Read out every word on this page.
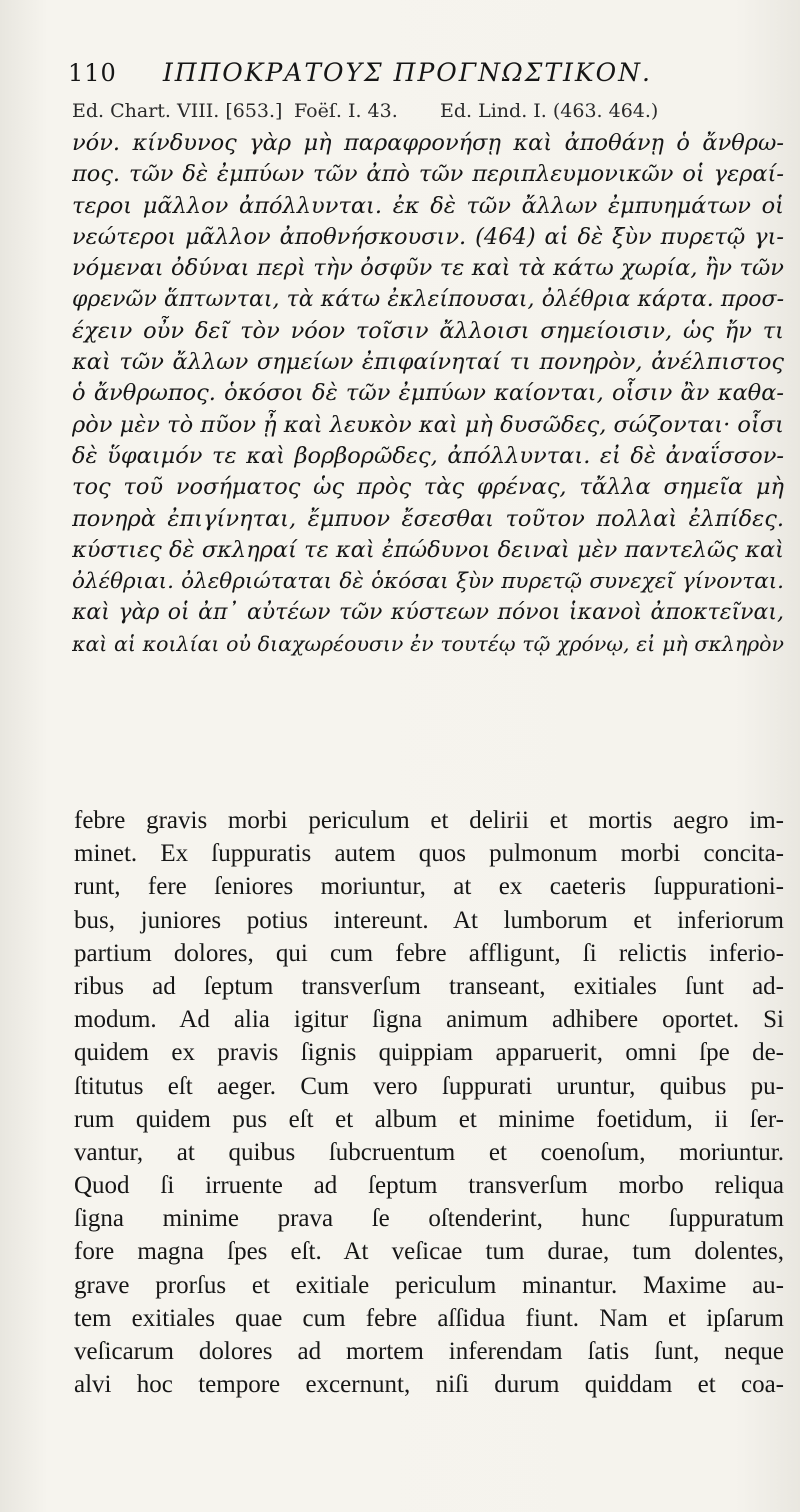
110 ΙΠΠΟΚΡΑΤΟΥΣ ΠΡΟΓΝΩΣΤΙΚΟΝ.
Ed. Chart. VIII. [653.] Foëſ. I. 43.	Ed. Lind. I. (463. 464.)
νόν. κίνδυνος γὰρ μὴ παραφρονήσῃ καὶ ἀποθάνῃ ὁ ἄνθρω-
πος. τῶν δὲ ἐμπύων τῶν ἀπὸ τῶν περιπλευμονικῶν οἱ γεραί-
τεροι μᾶλλον ἀπόλλυνται. ἐκ δὲ τῶν ἄλλων ἐμπυημάτων οἱ
νεώτεροι μᾶλλον ἀποθνήσκουσιν. (464) αἱ δὲ ξὺν πυρετῷ γι-
νόμεναι ὀδύναι περὶ τὴν ὀσφῦν τε καὶ τὰ κάτω χωρία, ἢν τῶν
φρενῶν ἅπτωνται, τὰ κάτω ἐκλείπουσαι, ὀλέθρια κάρτα. προσ-
έχειν οὖν δεῖ τὸν νόον τοῖσιν ἄλλοισι σημείοισιν, ὡς ἤν τι
καὶ τῶν ἄλλων σημείων ἐπιφαίνηταί τι πονηρὸν, ἀνέλπιστος
ὁ ἄνθρωπος. ὁκόσοι δὲ τῶν ἐμπύων καίονται, οἷσιν ἂν καθα-
ρὸν μὲν τὸ πῦον ᾖ καὶ λευκὸν καὶ μὴ δυσῶδες, σώζονται· οἷσι
δὲ ὕφαιμόν τε καὶ βορβορῶδες, ἀπόλλυνται. εἰ δὲ ἀναΐσσον-
τος τοῦ νοσήματος ὡς πρὸς τὰς φρένας, τἄλλα σημεῖα μὴ
πονηρὰ ἐπιγίνηται, ἔμπυον ἔσεσθαι τοῦτον πολλαὶ ἐλπίδες.
κύστιες δὲ σκληραί τε καὶ ἐπώδυνοι δειναὶ μὲν παντελῶς καὶ
ὀλέθριαι. ὀλεθριώταται δὲ ὁκόσαι ξὺν πυρετῷ συνεχεῖ γίνονται.
καὶ γὰρ οἱ ἀπ᾽ αὐτέων τῶν κύστεων πόνοι ἱκανοὶ ἀποκτεῖναι,
καὶ αἱ κοιλίαι οὐ διαχωρέουσιν ἐν τουτέῳ τῷ χρόνῳ, εἰ μὴ σκληρὸν
febre gravis morbi periculum et delirii et mortis aegro im-
minet. Ex ſuppuratis autem quos pulmonum morbi concita-
runt, fere ſeniores moriuntur, at ex caeteris ſuppurationi-
bus, juniores potius intereunt. At lumborum et inferiorum
partium dolores, qui cum febre affligunt, ſi relictis inferio-
ribus ad ſeptum transverſum transeant, exitiales ſunt ad-
modum. Ad alia igitur ſigna animum adhibere oportet. Si
quidem ex pravis ſignis quippiam apparuerit, omni ſpe de-
ſtitutus eſt aeger. Cum vero ſuppurati uruntur, quibus pu-
rum quidem pus eſt et album et minime foetidum, ii ſer-
vantur, at quibus ſubcruentum et coenoſum, moriuntur.
Quod ſi irruente ad ſeptum transverſum morbo reliqua
ſigna minime prava ſe oſtenderint, hunc ſuppuratum
fore magna ſpes eſt. At veſicae tum durae, tum dolentes,
grave prorſus et exitiale periculum minantur. Maxime au-
tem exitiales quae cum febre aſſidua fiunt. Nam et ipſarum
veſicarum dolores ad mortem inferendam ſatis ſunt, neque
alvi hoc tempore excernunt, niſi durum quiddam et coa-
